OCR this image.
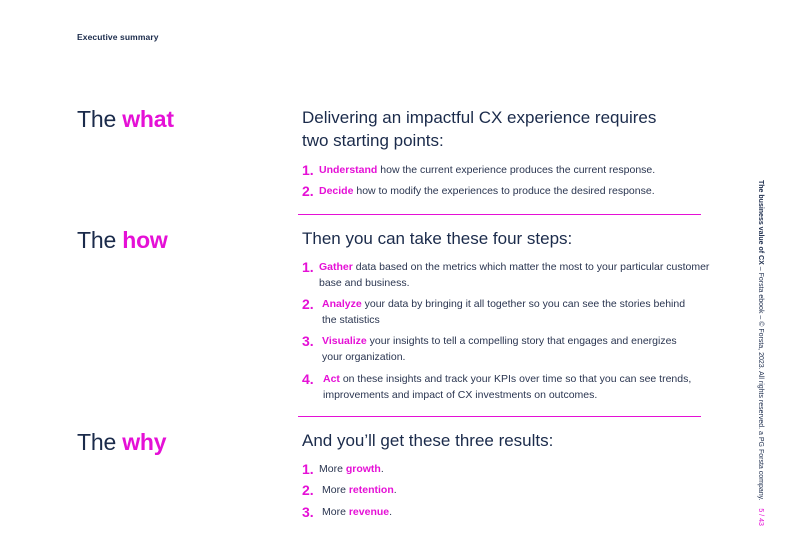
Executive summary
The what	Delivering an impactful CX experience requires
two starting points:
1. Understand how the current experience produces the current response.
2. Decide how to modify the experiences to produce the desired response.
The how	Then you can take these four steps:
1. Gather data based on the metrics which matter the most to your particular customer base and business.
2. Analyze your data by bringing it all together so you can see the stories behind the statistics
3. Visualize your insights to tell a compelling story that engages and energizes your organization.
4. Act on these insights and track your KPIs over time so that you can see trends, improvements and impact of CX investments on outcomes.
The why	And you’ll get these three results:
1. More growth.
2. More retention.
3. More revenue.
The business value of CX – Forsta ebook – © Forsta, 2023. All rights reserved. a PG Forsta company.    5 / 43
